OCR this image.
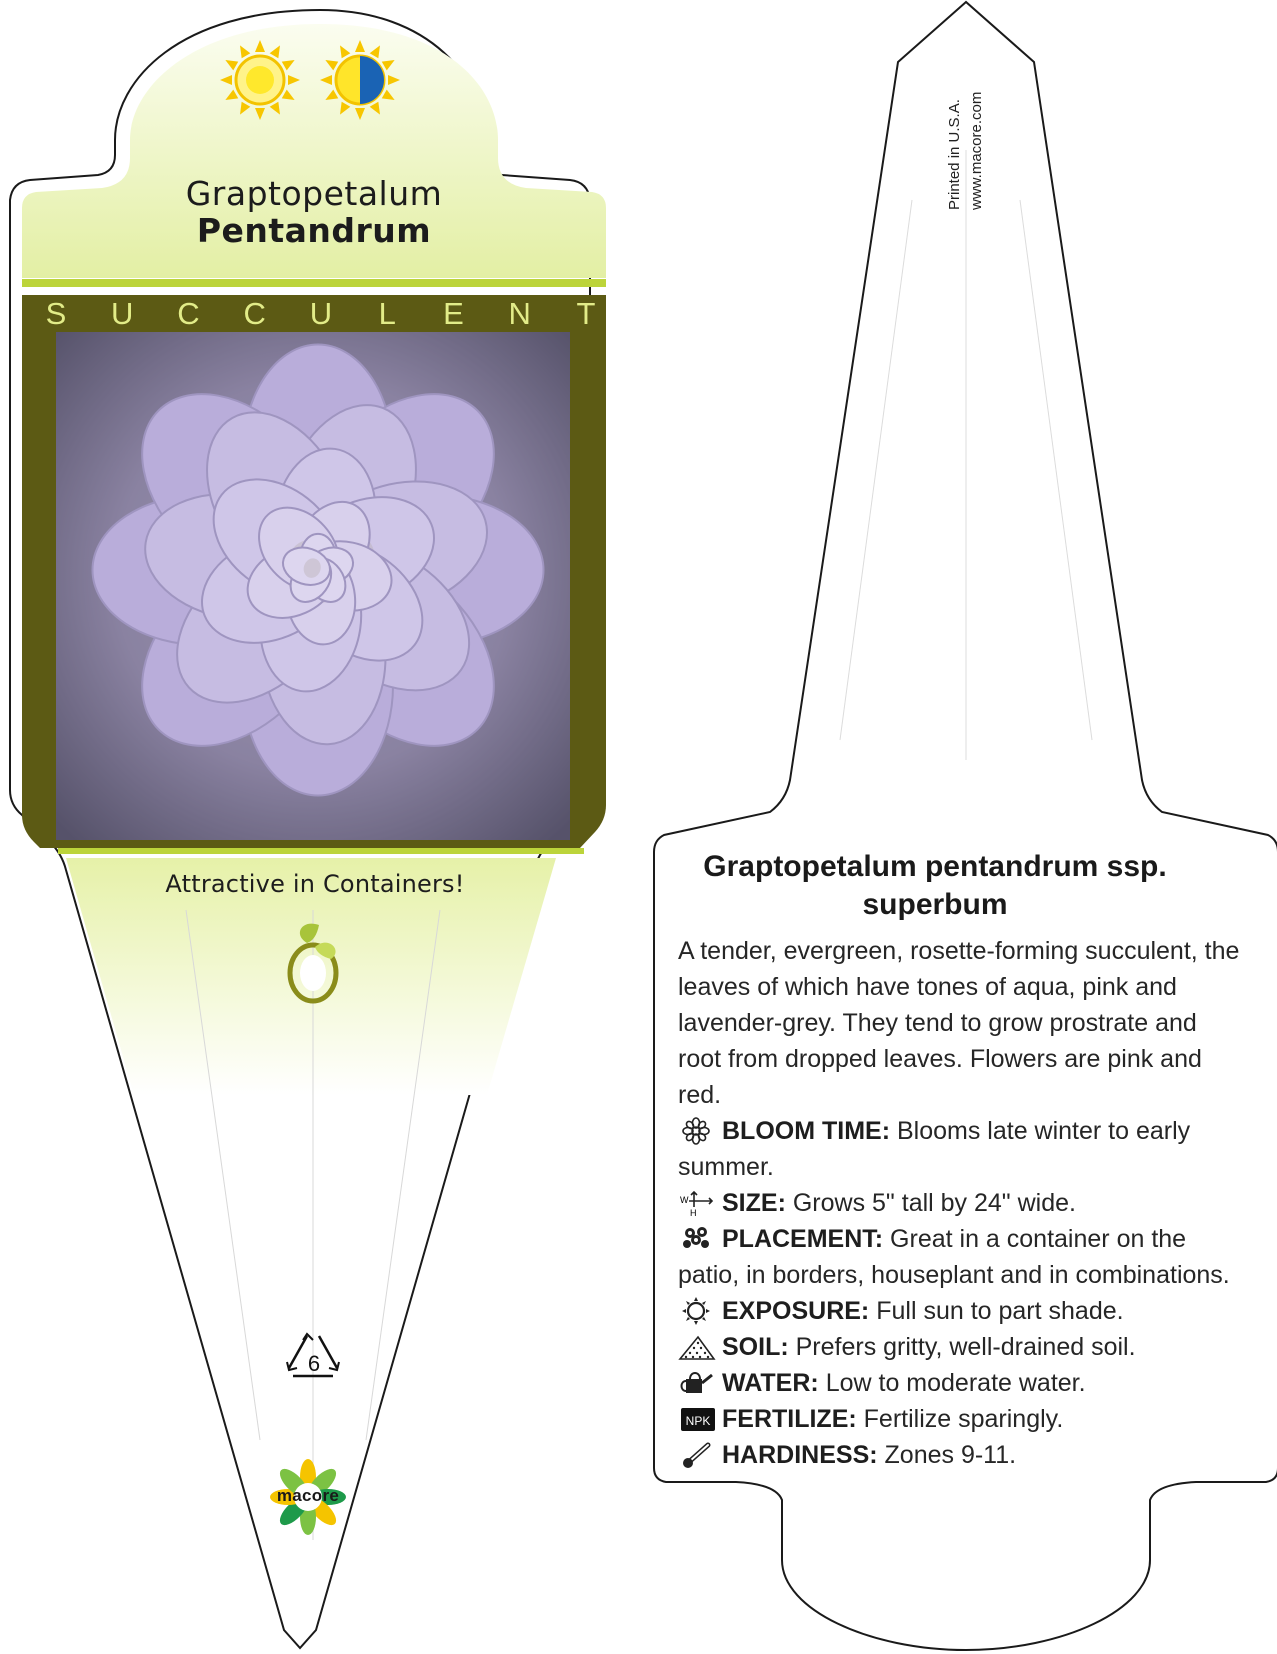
Graptopetalum
Pentandrum
S	U C C U	L	E	N	T
Attractive in Containers!
6
macore
Printed in U.S.A. www.macore.com
Graptopetalum pentandrum ssp. superbum

A tender, evergreen, rosette-forming succulent, the leaves of which have tones of aqua, pink and lavender-grey. They tend to grow prostrate and root from dropped leaves. Flowers are pink and red.

BLOOM TIME: Blooms late winter to early summer.

W
H SIZE: Grows 5" tall by 24" wide.

PLACEMENT: Great in a container on the patio, in borders, houseplant and in combinations.

EXPOSURE: Full sun to part shade.

SOIL: Prefers gritty, well-drained soil.

WATER: Low to moderate water.

NPK FERTILIZE: Fertilize sparingly.

HARDINESS: Zones 9-11.
